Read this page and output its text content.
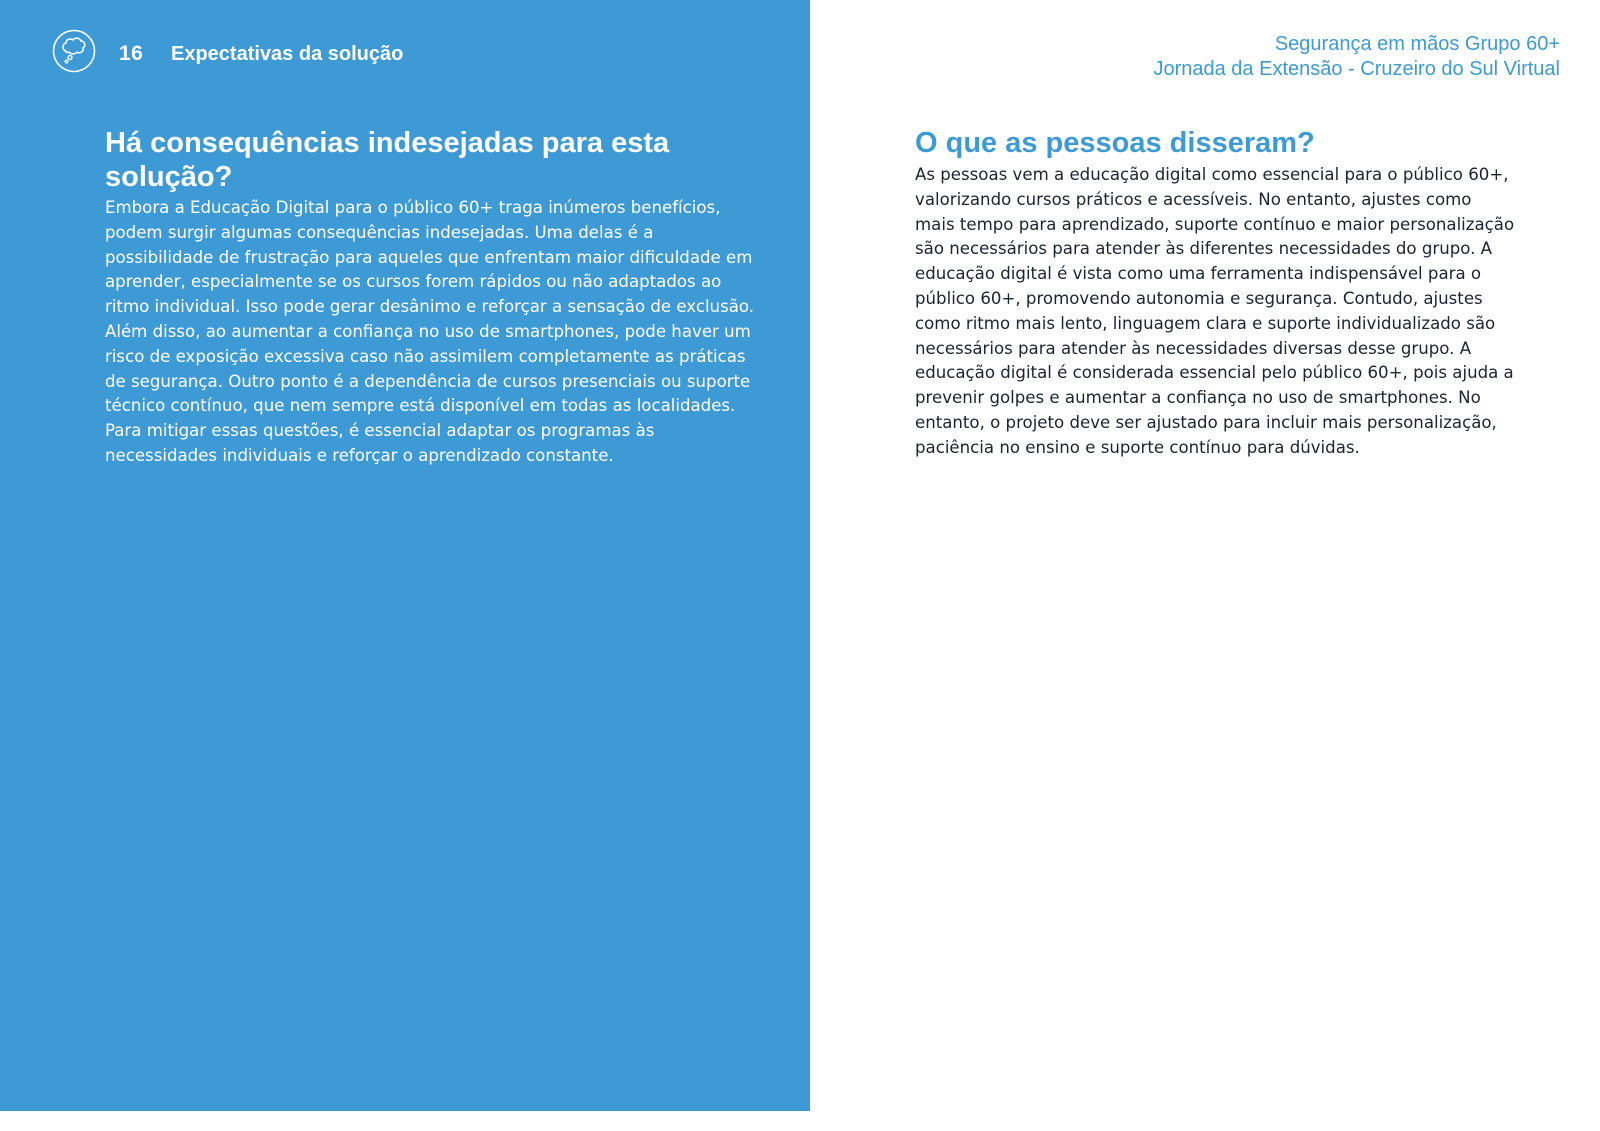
16 Expectativas da solução
Há consequências indesejadas para esta solução?

Embora a Educação Digital para o público 60+ traga inúmeros benefícios, podem surgir algumas consequências indesejadas. Uma delas é a possibilidade de frustração para aqueles que enfrentam maior dificuldade em aprender, especialmente se os cursos forem rápidos ou não adaptados ao ritmo individual. Isso pode gerar desânimo e reforçar a sensação de exclusão. Além disso, ao aumentar a confiança no uso de smartphones, pode haver um risco de exposição excessiva caso não assimilem completamente as práticas de segurança. Outro ponto é a dependência de cursos presenciais ou suporte técnico contínuo, que nem sempre está disponível em todas as localidades. Para mitigar essas questões, é essencial adaptar os programas às necessidades individuais e reforçar o aprendizado constante.

Segurança em mãos Grupo 60+
Jornada da Extensão - Cruzeiro do Sul Virtual
O que as pessoas disseram?

As pessoas vem a educação digital como essencial para o público 60+, valorizando cursos práticos e acessíveis. No entanto, ajustes como mais tempo para aprendizado, suporte contínuo e maior personalização são necessários para atender às diferentes necessidades do grupo. A educação digital é vista como uma ferramenta indispensável para o público 60+, promovendo autonomia e segurança. Contudo, ajustes como ritmo mais lento, linguagem clara e suporte individualizado são necessários para atender às necessidades diversas desse grupo. A educação digital é considerada essencial pelo público 60+, pois ajuda a prevenir golpes e aumentar a confiança no uso de smartphones. No entanto, o projeto deve ser ajustado para incluir mais personalização, paciência no ensino e suporte contínuo para dúvidas.
